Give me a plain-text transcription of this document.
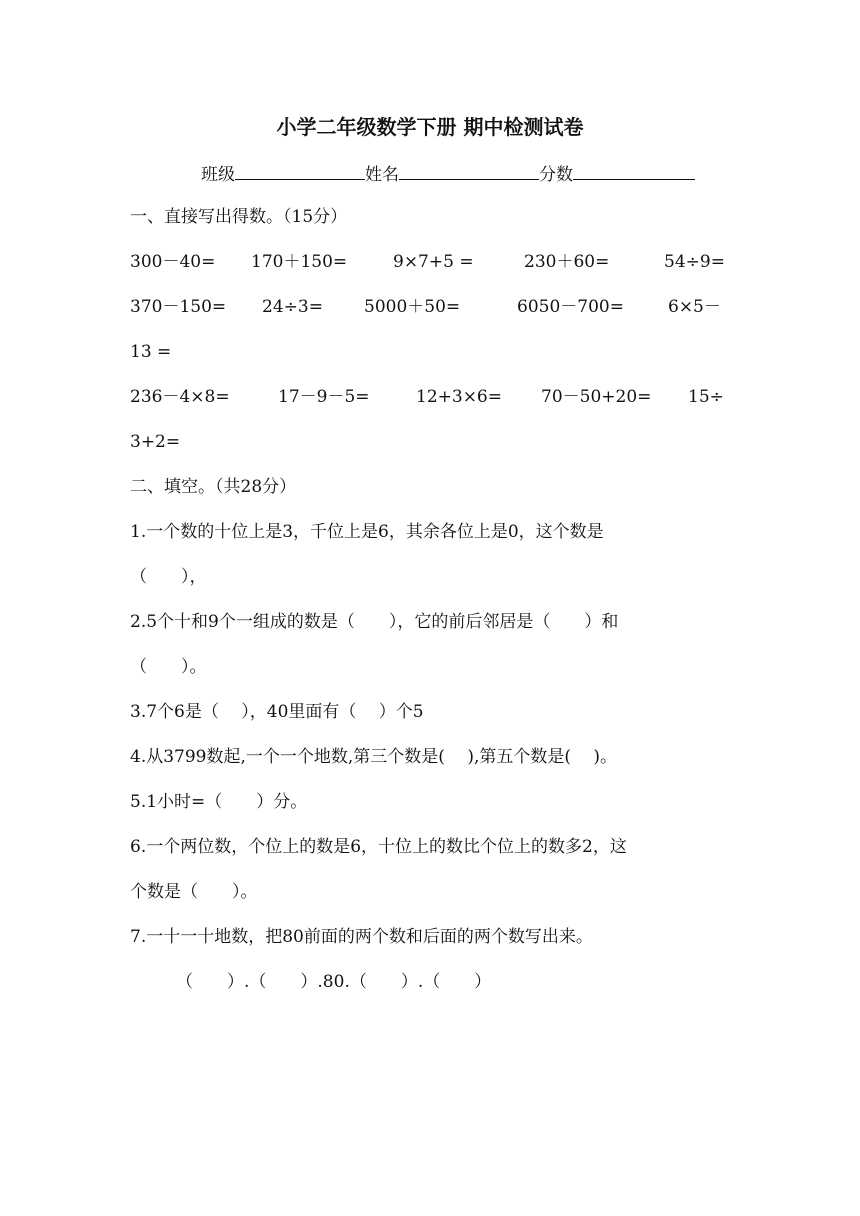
小学二年级数学下册 期中检测试卷
班级	姓名	分数
一、直接写出得数。（15分）
300－40= 170＋150=	9×7+5 =	230＋60=	54÷9=
370－150= 24÷3= 5000＋50=	6050－700=	6×5－
13 =
236－4×8=	17－9－5=	12+3×6= 70－50+20= 15÷
3+2=
二、填空。（共28分）
1.一个数的十位上是3，千位上是6，其余各位上是0，这个数是
（　　），
2.5个十和9个一组成的数是（　　），它的前后邻居是（　　）和
（　　）。
3.7个6是（　 ），40里面有（　 ）个5
4.从3799数起,一个一个地数,第三个数是(　 ),第五个数是(　 )。
5.1小时=（　　）分。
6.一个两位数，个位上的数是6，十位上的数比个位上的数多2，这
个数是（　　）。
7.一十一十地数，把80前面的两个数和后面的两个数写出来。
（　　）.（　　）.80.（　　）.（　　）
